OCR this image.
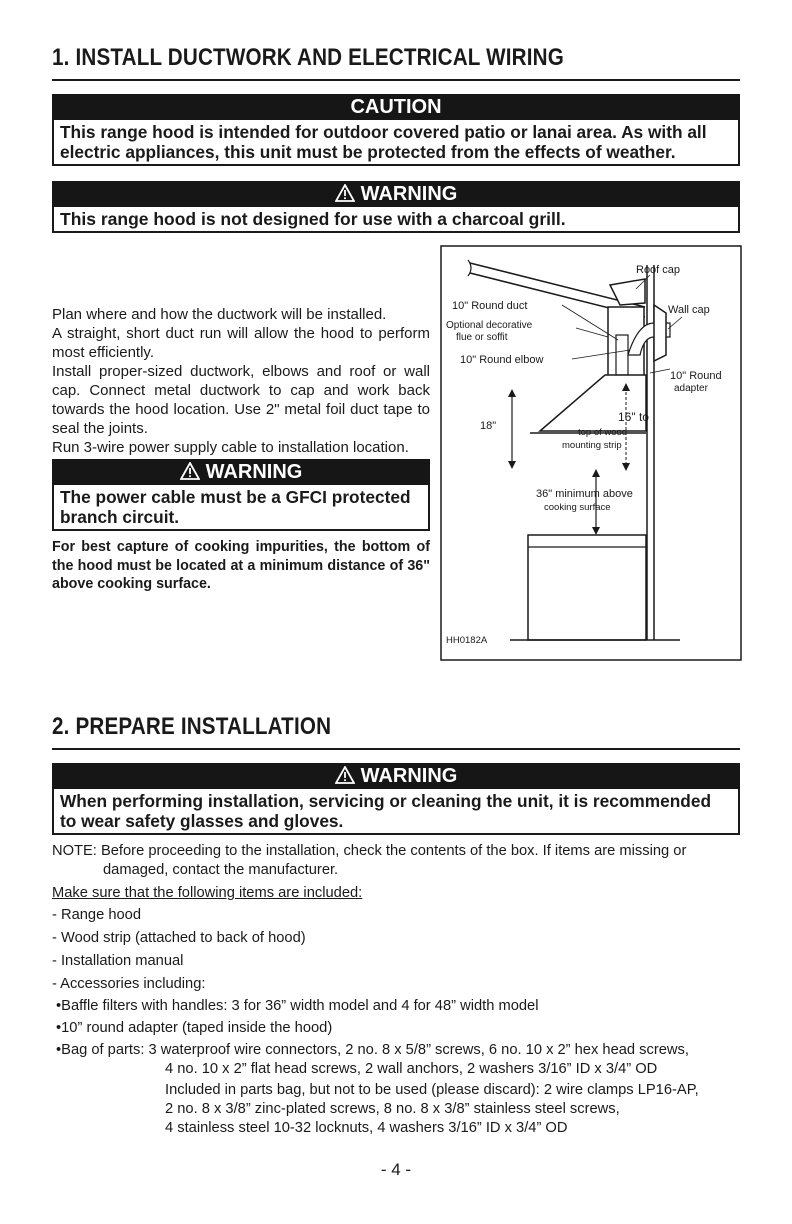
1. INSTALL DUCTWORK AND ELECTRICAL WIRING
CAUTION
This range hood is intended for outdoor covered patio or lanai area. As with all electric appliances, this unit must be protected from the effects of weather.
WARNING
This range hood is not designed for use with a charcoal grill.
Plan where and how the ductwork will be installed.
A straight, short duct run will allow the hood to perform most efficiently.
Install proper-sized ductwork, elbows and roof or wall cap. Connect metal ductwork to cap and work back towards the hood location. Use 2" metal foil duct tape to seal the joints.
Run 3-wire power supply cable to installation location.
WARNING
The power cable must be a GFCI protected branch circuit.
For best capture of cooking impurities, the bottom of the hood must be located at a minimum distance of 36" above cooking surface.
Roof cap
10" Round duct
Optional decorative
flue or soffit
10" Round elbow
Wall cap
10" Round
adapter
18"
16" to
top of wood
mounting strip
36" minimum above
cooking surface
HH0182A
2. PREPARE INSTALLATION
WARNING
When performing installation, servicing or cleaning the unit, it is recommended to wear safety glasses and gloves.
NOTE: Before proceeding to the installation, check the contents of the box. If items are missing or
damaged, contact the manufacturer.
Make sure that the following items are included:
- Range hood
- Wood strip (attached to back of hood)
- Installation manual
- Accessories including:
•Baffle filters with handles: 3 for 36” width model and 4 for 48” width model
•10” round adapter (taped inside the hood)
•Bag of parts: 3 waterproof wire connectors, 2 no. 8 x 5/8” screws, 6 no. 10 x 2” hex head screws,
4 no. 10 x 2” flat head screws, 2 wall anchors, 2 washers 3/16” ID x 3/4” OD
Included in parts bag, but not to be used (please discard): 2 wire clamps LP16-AP,
2 no. 8 x 3/8” zinc-plated screws, 8 no. 8 x 3/8” stainless steel screws,
4 stainless steel 10-32 locknuts, 4 washers 3/16” ID x 3/4” OD
- 4 -
